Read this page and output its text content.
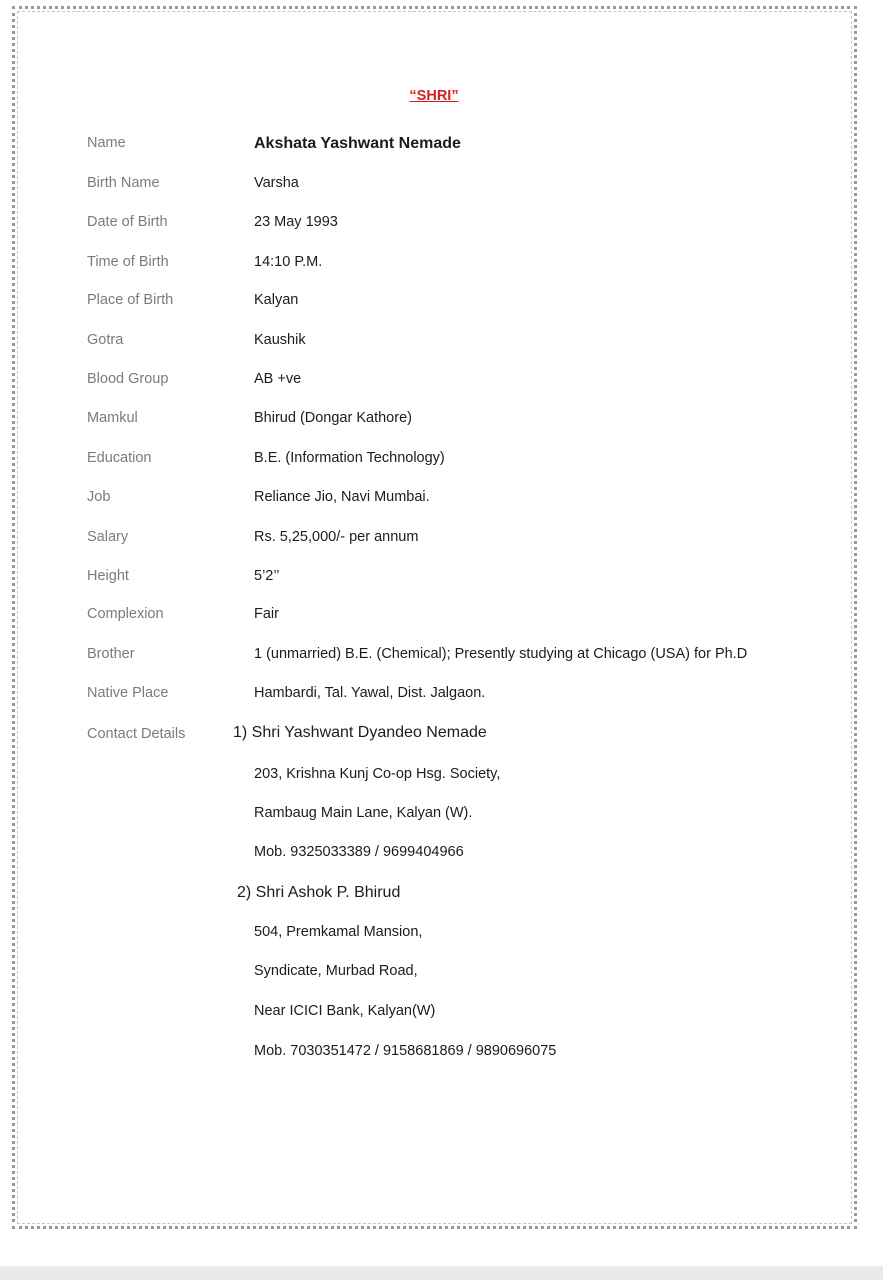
“SHRI”
Name	Akshata Yashwant Nemade
Birth Name	Varsha
Date of Birth	23 May 1993
Time of Birth	14:10 P.M.
Place of Birth	Kalyan
Gotra	Kaushik
Blood Group	AB +ve
Mamkul	Bhirud (Dongar Kathore)
Education	B.E. (Information Technology)
Job	Reliance Jio, Navi Mumbai.
Salary	Rs. 5,25,000/- per annum
Height	5’2’’
Complexion	Fair
Brother	1 (unmarried) B.E. (Chemical); Presently studying at Chicago (USA) for Ph.D
Native Place	Hambardi, Tal. Yawal, Dist. Jalgaon.
Contact Details	1) Shri Yashwant Dyandeo Nemade
203, Krishna Kunj Co-op Hsg. Society,
Rambaug Main Lane, Kalyan (W).
Mob. 9325033389 / 9699404966
2) Shri Ashok P. Bhirud
504, Premkamal Mansion,
Syndicate, Murbad Road,
Near ICICI Bank, Kalyan(W)
Mob. 7030351472 / 9158681869 / 9890696075
